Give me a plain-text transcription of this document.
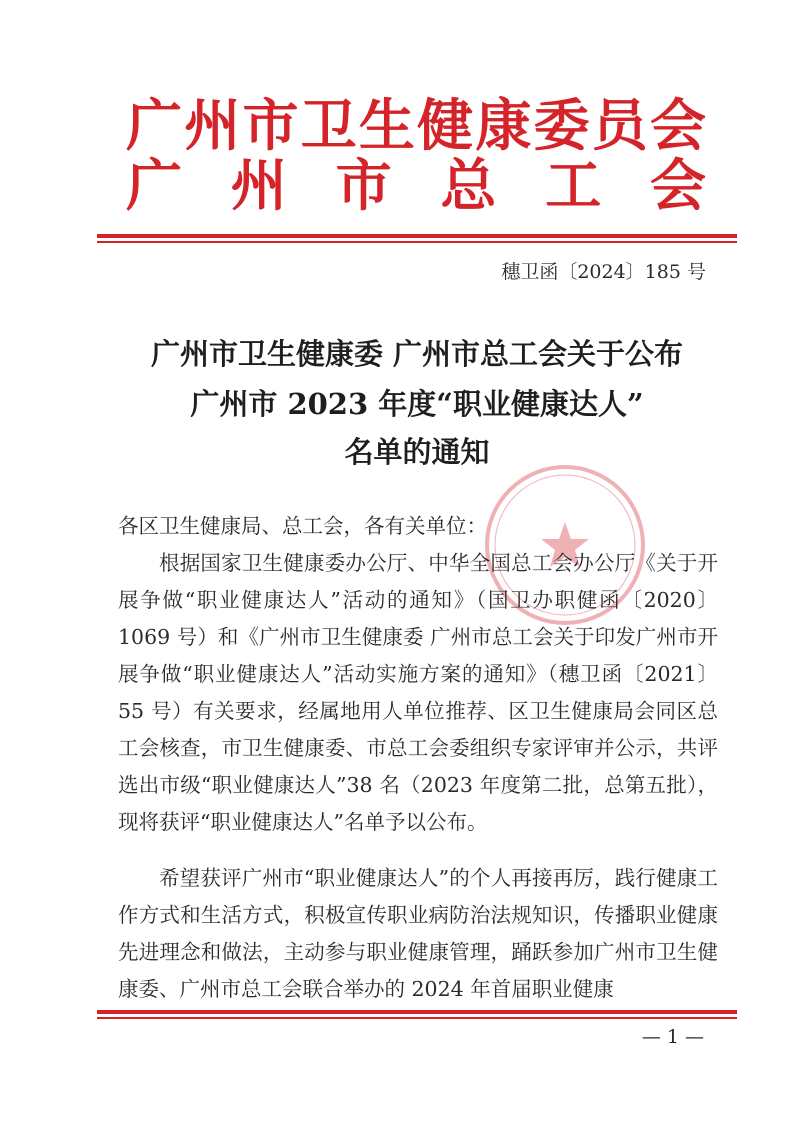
广 州 市 卫 生 健 康 委 员 会
广 州 市 总 工 会
穗卫函〔2024〕185 号
广州市卫生健康委 广州市总工会关于公布
广州市 2023 年度“职业健康达人”
名单的通知
各区卫生健康局、总工会，各有关单位：

根据国家卫生健康委办公厅、中华全国总工会办公厅《关于开展争做“职业健康达人”活动的通知》（国卫办职健函〔2020〕1069 号）和《广州市卫生健康委 广州市总工会关于印发广州市开展争做“职业健康达人”活动实施方案的通知》（穗卫函〔2021〕55 号）有关要求，经属地用人单位推荐、区卫生健康局会同区总工会核查，市卫生健康委、市总工会委组织专家评审并公示，共评选出市级“职业健康达人”38 名（2023 年度第二批，总第五批），现将获评“职业健康达人”名单予以公布。

希望获评广州市“职业健康达人”的个人再接再厉，践行健康工作方式和生活方式，积极宣传职业病防治法规知识，传播职业健康先进理念和做法，主动参与职业健康管理，踊跃参加广州市卫生健康委、广州市总工会联合举办的 2024 年首届职业健康

— 1 —
